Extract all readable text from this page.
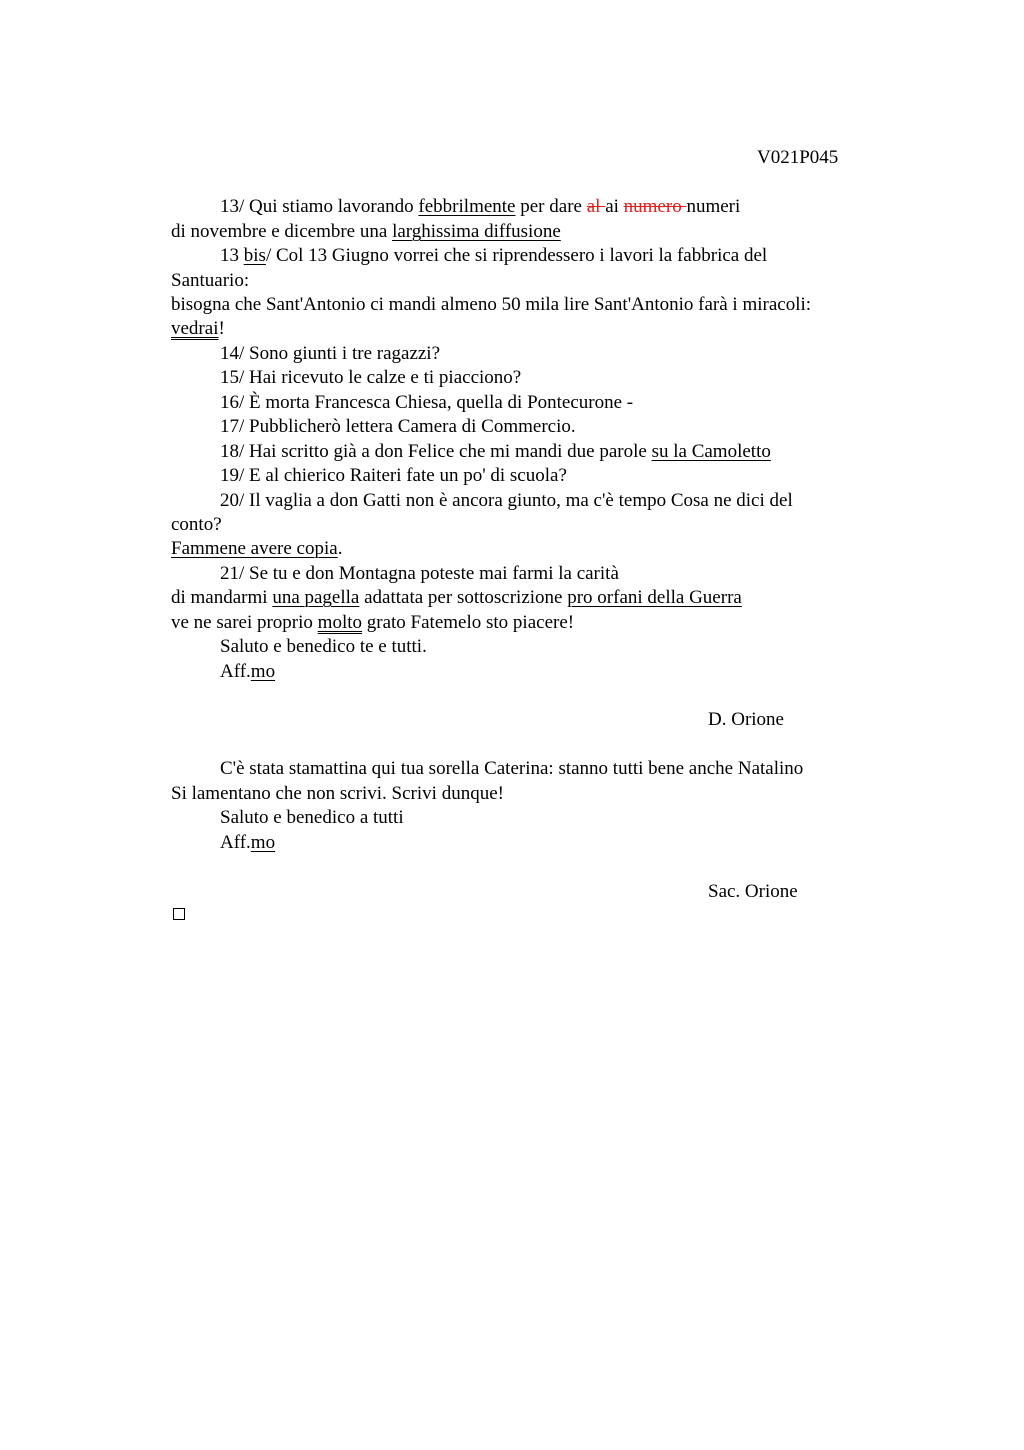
V021P045
13/ Qui stiamo lavorando febbrilmente per dare al ai numero numeri
di novembre e dicembre una larghissima diffusione
13 bis/ Col 13 Giugno vorrei che si riprendessero i lavori la fabbrica del
Santuario:
bisogna che Sant'Antonio ci mandi almeno 50 mila lire Sant'Antonio farà i miracoli:
vedrai!
14/ Sono giunti i tre ragazzi?
15/ Hai ricevuto le calze e ti piacciono?
16/ È morta Francesca Chiesa, quella di Pontecurone -
17/ Pubblicherò lettera Camera di Commercio.
18/ Hai scritto già a don Felice che mi mandi due parole su la Camoletto
19/ E al chierico Raiteri fate un po' di scuola?
20/ Il vaglia a don Gatti non è ancora giunto, ma c'è tempo Cosa ne dici del
conto?
Fammene avere copia.
21/ Se tu e don Montagna poteste mai farmi la carità
di mandarmi una pagella adattata per sottoscrizione pro orfani della Guerra
ve ne sarei proprio molto grato Fatemelo sto piacere!
Saluto e benedico te e tutti.
Aff.mo
D. Orione
C'è stata stamattina qui tua sorella Caterina: stanno tutti bene anche Natalino
Si lamentano che non scrivi. Scrivi dunque!
Saluto e benedico a tutti
Aff.mo
Sac. Orione
